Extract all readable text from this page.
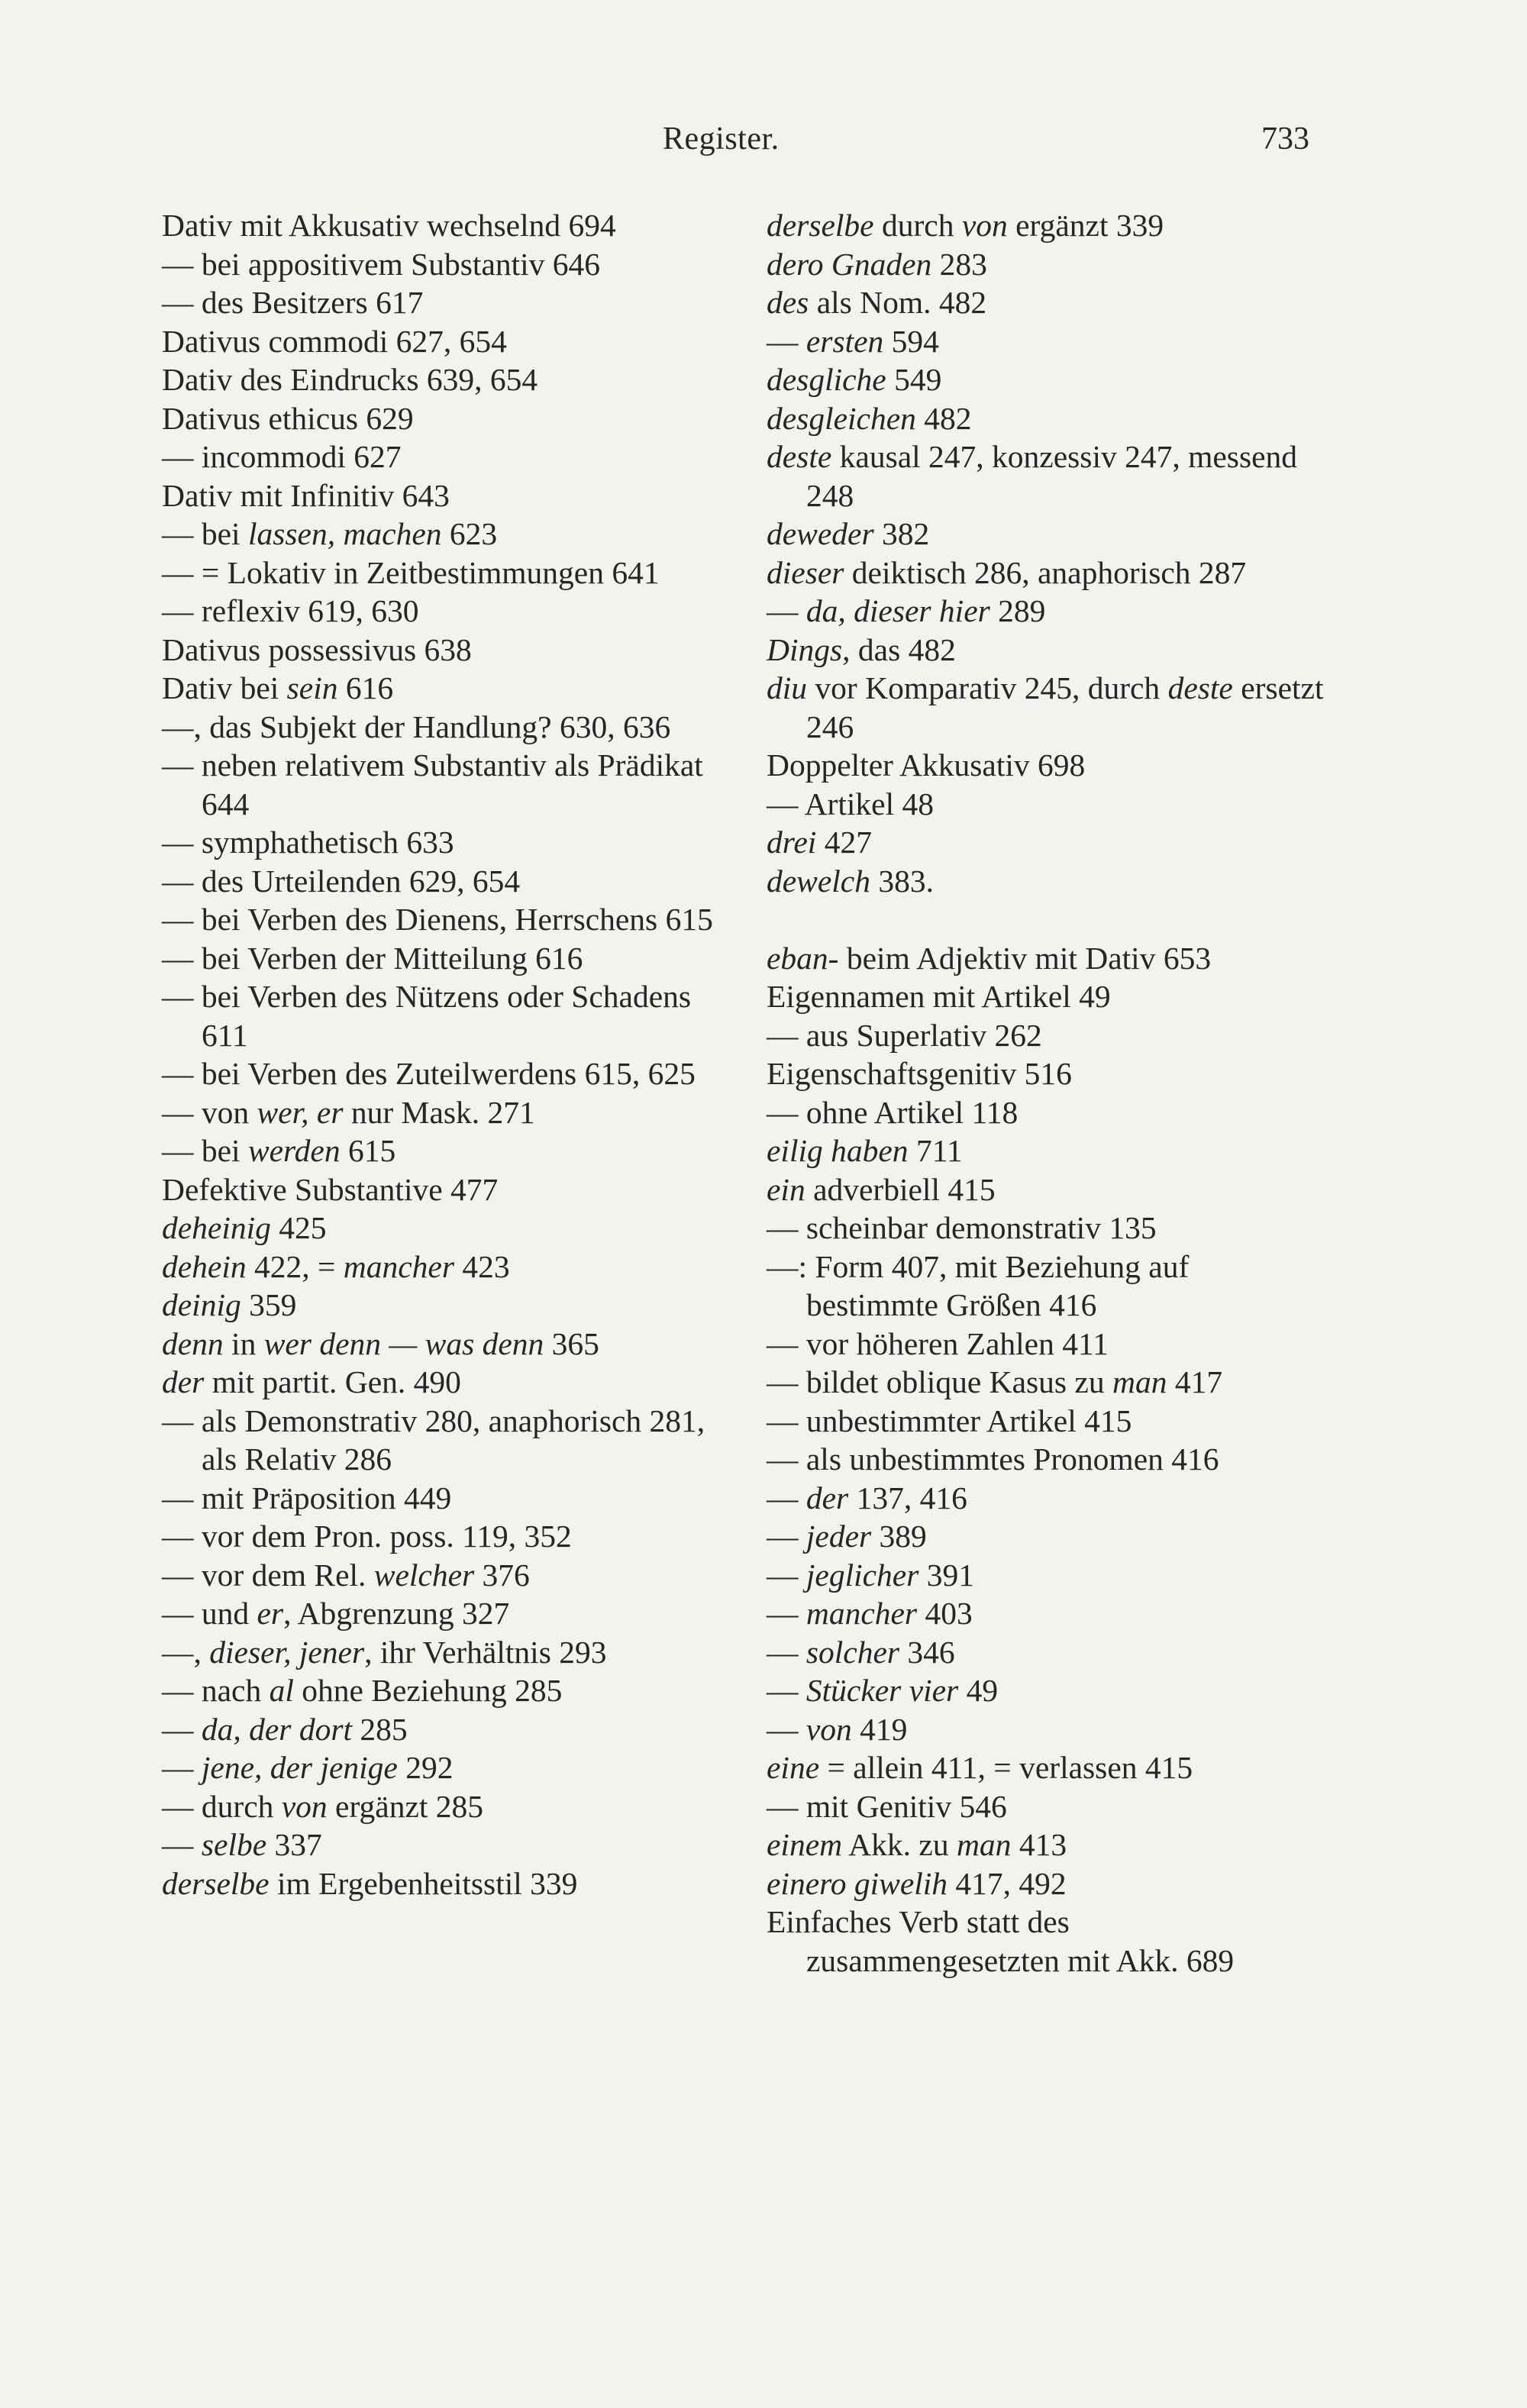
Register.	733

Dativ mit Akkusativ wechselnd 694

— bei appositivem Substantiv 646

— des Besitzers 617

Dativus commodi 627, 654

Dativ des Eindrucks 639, 654

Dativus ethicus 629

— incommodi 627

Dativ mit Infinitiv 643

— bei lassen, machen 623

— = Lokativ in Zeitbestimmungen 641

— reflexiv 619, 630

Dativus possessivus 638

Dativ bei sein 616

—, das Subjekt der Handlung? 630, 636

— neben relativem Substantiv als Prädikat 644

— symphathetisch 633

— des Urteilenden 629, 654

— bei Verben des Dienens, Herrschens 615

— bei Verben der Mitteilung 616

— bei Verben des Nützens oder Schadens 611

— bei Verben des Zuteilwerdens 615, 625

— von wer, er nur Mask. 271

— bei werden 615

Defektive Substantive 477

deheinig 425

dehein 422, = mancher 423

deinig 359

denn in wer denn — was denn 365

der mit partit. Gen. 490

— als Demonstrativ 280, anaphorisch 281, als Relativ 286

— mit Präposition 449

— vor dem Pron. poss. 119, 352

— vor dem Rel. welcher 376

— und er, Abgrenzung 327

—, dieser, jener, ihr Verhältnis 293

— nach al ohne Beziehung 285

— da, der dort 285

— jene, der jenige 292

— durch von ergänzt 285

— selbe 337

derselbe im Ergebenheitsstil 339

derselbe durch von ergänzt 339

dero Gnaden 283

des als Nom. 482

— ersten 594

desgliche 549

desgleichen 482

deste kausal 247, konzessiv 247, messend 248

deweder 382

dieser deiktisch 286, anaphorisch 287

— da, dieser hier 289

Dings, das 482

diu vor Komparativ 245, durch deste ersetzt 246

Doppelter Akkusativ 698

— Artikel 48

drei 427

dewelch 383.

eban- beim Adjektiv mit Dativ 653

Eigennamen mit Artikel 49

— aus Superlativ 262

Eigenschaftsgenitiv 516

— ohne Artikel 118

eilig haben 711

ein adverbiell 415

— scheinbar demonstrativ 135

—: Form 407, mit Beziehung auf bestimmte Größen 416

— vor höheren Zahlen 411

— bildet oblique Kasus zu man 417

— unbestimmter Artikel 415

— als unbestimmtes Pronomen 416

— der 137, 416

— jeder 389

— jeglicher 391

— mancher 403

— solcher 346

— Stücker vier 49

— von 419

eine = allein 411, = verlassen 415

— mit Genitiv 546

einem Akk. zu man 413

einero giwelih 417, 492

Einfaches Verb statt des zusammengesetzten mit Akk. 689
